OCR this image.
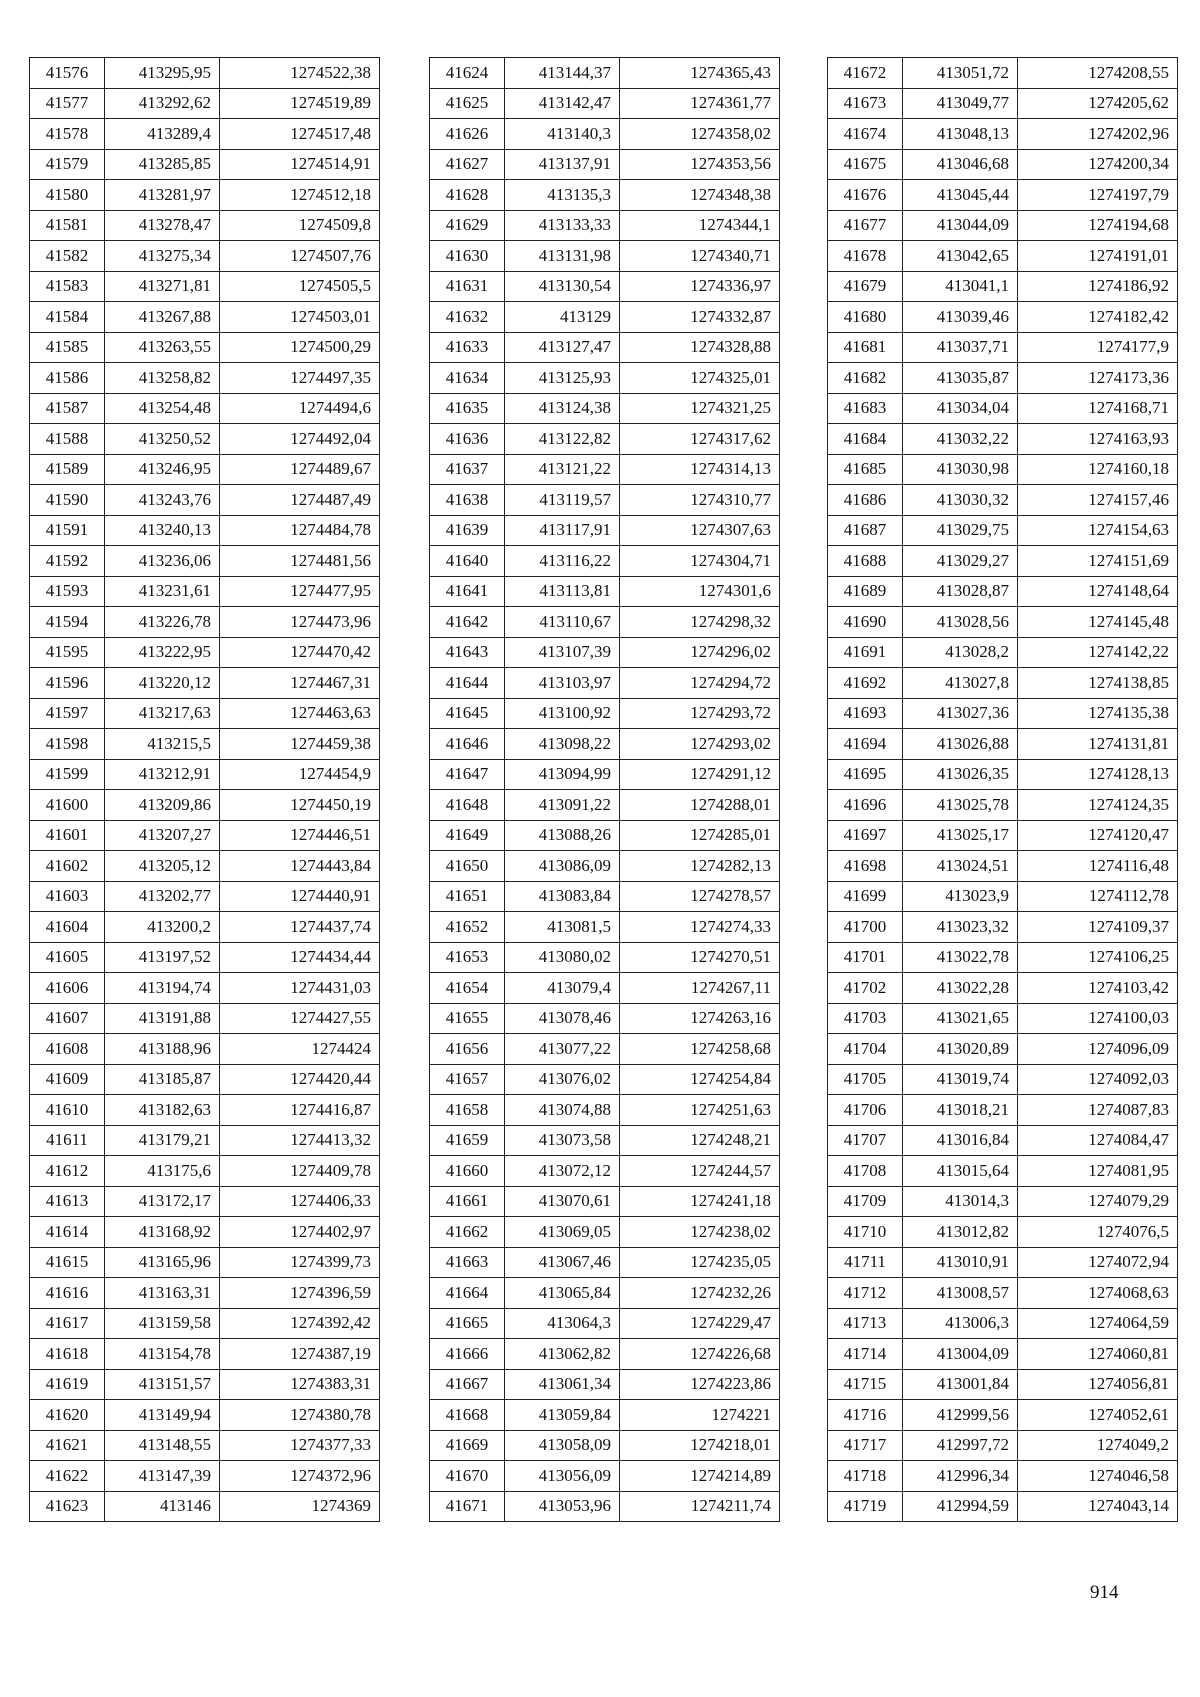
41576	413295,95	1274522,38
41577	413292,62	1274519,89
41578	413289,4	1274517,48
41579	413285,85	1274514,91
41580	413281,97	1274512,18
41581	413278,47	1274509,8
41582	413275,34	1274507,76
41583	413271,81	1274505,5
41584	413267,88	1274503,01
41585	413263,55	1274500,29
41586	413258,82	1274497,35
41587	413254,48	1274494,6
41588	413250,52	1274492,04
41589	413246,95	1274489,67
41590	413243,76	1274487,49
41591	413240,13	1274484,78
41592	413236,06	1274481,56
41593	413231,61	1274477,95
41594	413226,78	1274473,96
41595	413222,95	1274470,42
41596	413220,12	1274467,31
41597	413217,63	1274463,63
41598	413215,5	1274459,38
41599	413212,91	1274454,9
41600	413209,86	1274450,19
41601	413207,27	1274446,51
41602	413205,12	1274443,84
41603	413202,77	1274440,91
41604	413200,2	1274437,74
41605	413197,52	1274434,44
41606	413194,74	1274431,03
41607	413191,88	1274427,55
41608	413188,96	1274424
41609	413185,87	1274420,44
41610	413182,63	1274416,87
41611	413179,21	1274413,32
41612	413175,6	1274409,78
41613	413172,17	1274406,33
41614	413168,92	1274402,97
41615	413165,96	1274399,73
41616	413163,31	1274396,59
41617	413159,58	1274392,42
41618	413154,78	1274387,19
41619	413151,57	1274383,31
41620	413149,94	1274380,78
41621	413148,55	1274377,33
41622	413147,39	1274372,96
41623	413146	1274369
41624	413144,37	1274365,43
41625	413142,47	1274361,77
41626	413140,3	1274358,02
41627	413137,91	1274353,56
41628	413135,3	1274348,38
41629	413133,33	1274344,1
41630	413131,98	1274340,71
41631	413130,54	1274336,97
41632	413129	1274332,87
41633	413127,47	1274328,88
41634	413125,93	1274325,01
41635	413124,38	1274321,25
41636	413122,82	1274317,62
41637	413121,22	1274314,13
41638	413119,57	1274310,77
41639	413117,91	1274307,63
41640	413116,22	1274304,71
41641	413113,81	1274301,6
41642	413110,67	1274298,32
41643	413107,39	1274296,02
41644	413103,97	1274294,72
41645	413100,92	1274293,72
41646	413098,22	1274293,02
41647	413094,99	1274291,12
41648	413091,22	1274288,01
41649	413088,26	1274285,01
41650	413086,09	1274282,13
41651	413083,84	1274278,57
41652	413081,5	1274274,33
41653	413080,02	1274270,51
41654	413079,4	1274267,11
41655	413078,46	1274263,16
41656	413077,22	1274258,68
41657	413076,02	1274254,84
41658	413074,88	1274251,63
41659	413073,58	1274248,21
41660	413072,12	1274244,57
41661	413070,61	1274241,18
41662	413069,05	1274238,02
41663	413067,46	1274235,05
41664	413065,84	1274232,26
41665	413064,3	1274229,47
41666	413062,82	1274226,68
41667	413061,34	1274223,86
41668	413059,84	1274221
41669	413058,09	1274218,01
41670	413056,09	1274214,89
41671	413053,96	1274211,74
41672	413051,72	1274208,55
41673	413049,77	1274205,62
41674	413048,13	1274202,96
41675	413046,68	1274200,34
41676	413045,44	1274197,79
41677	413044,09	1274194,68
41678	413042,65	1274191,01
41679	413041,1	1274186,92
41680	413039,46	1274182,42
41681	413037,71	1274177,9
41682	413035,87	1274173,36
41683	413034,04	1274168,71
41684	413032,22	1274163,93
41685	413030,98	1274160,18
41686	413030,32	1274157,46
41687	413029,75	1274154,63
41688	413029,27	1274151,69
41689	413028,87	1274148,64
41690	413028,56	1274145,48
41691	413028,2	1274142,22
41692	413027,8	1274138,85
41693	413027,36	1274135,38
41694	413026,88	1274131,81
41695	413026,35	1274128,13
41696	413025,78	1274124,35
41697	413025,17	1274120,47
41698	413024,51	1274116,48
41699	413023,9	1274112,78
41700	413023,32	1274109,37
41701	413022,78	1274106,25
41702	413022,28	1274103,42
41703	413021,65	1274100,03
41704	413020,89	1274096,09
41705	413019,74	1274092,03
41706	413018,21	1274087,83
41707	413016,84	1274084,47
41708	413015,64	1274081,95
41709	413014,3	1274079,29
41710	413012,82	1274076,5
41711	413010,91	1274072,94
41712	413008,57	1274068,63
41713	413006,3	1274064,59
41714	413004,09	1274060,81
41715	413001,84	1274056,81
41716	412999,56	1274052,61
41717	412997,72	1274049,2
41718	412996,34	1274046,58
41719	412994,59	1274043,14
914
